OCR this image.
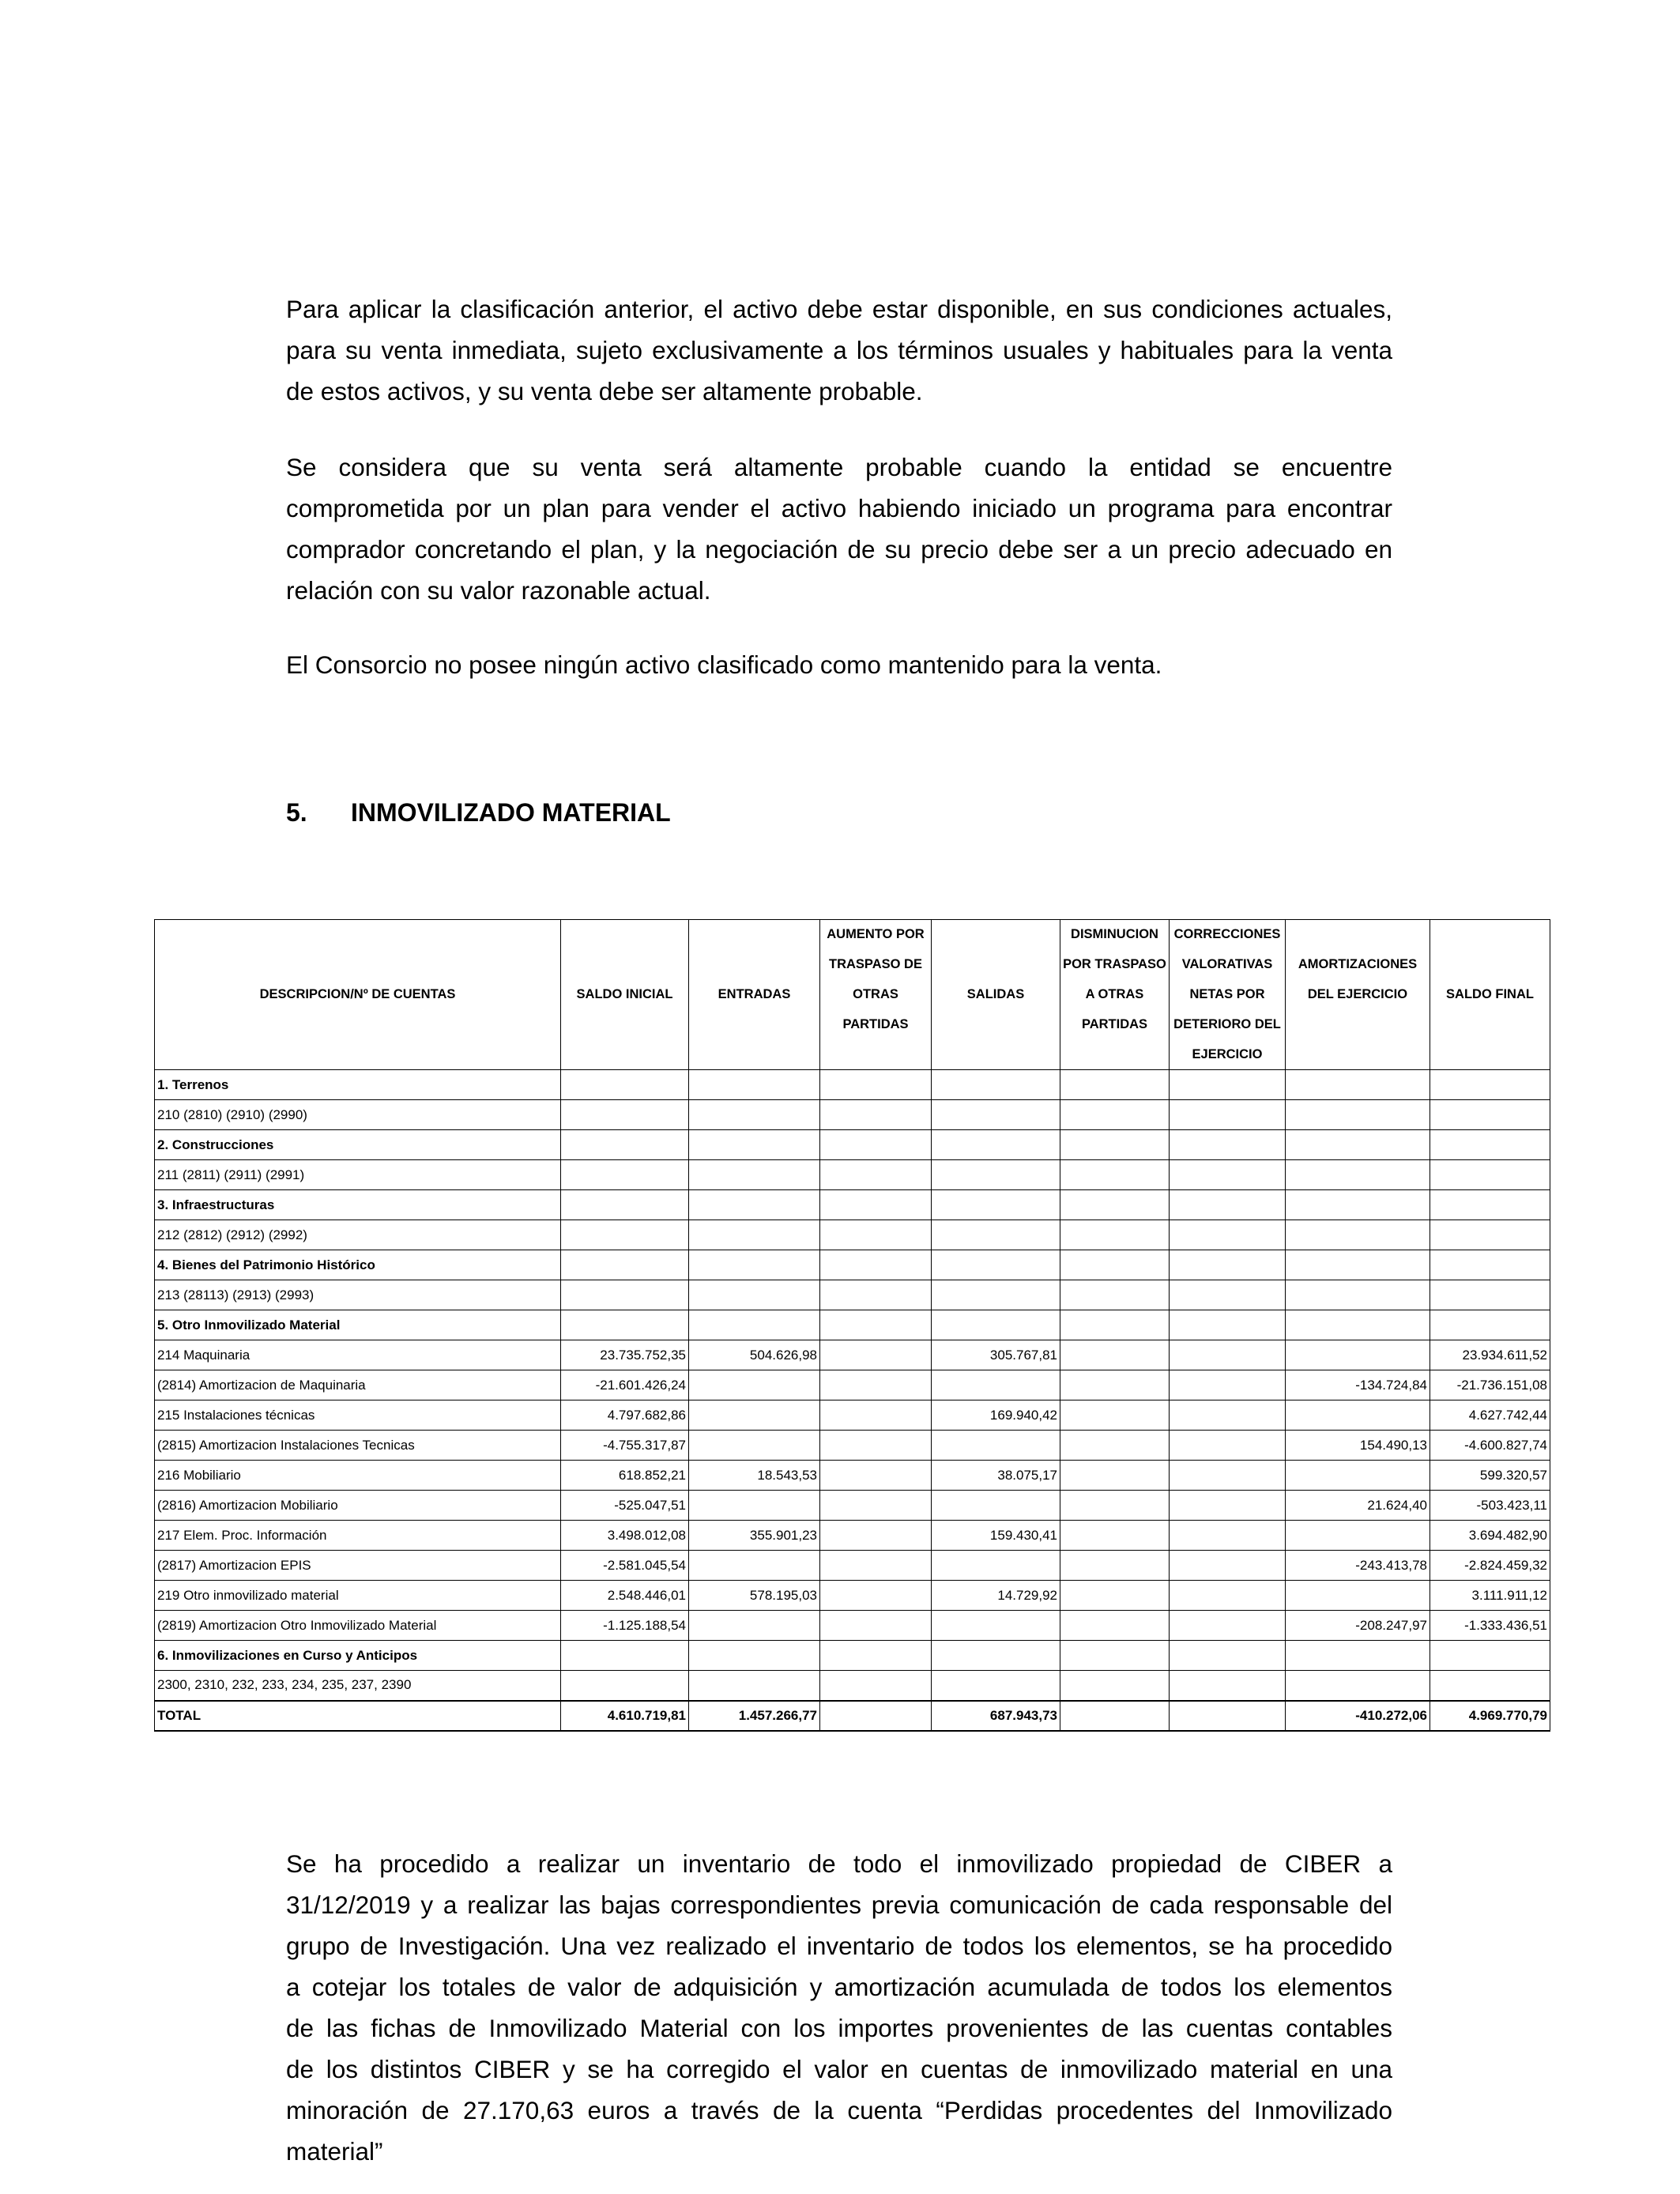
Para aplicar la clasificación anterior, el activo debe estar disponible, en sus condiciones actuales,
para su venta inmediata, sujeto exclusivamente a los términos usuales y habituales para la venta
de estos activos, y su venta debe ser altamente probable.

Se considera que su venta será altamente probable cuando la entidad se encuentre
comprometida por un plan para vender el activo habiendo iniciado un programa para encontrar
comprador concretando el plan, y la negociación de su precio debe ser a un precio adecuado en
relación con su valor razonable actual.

El Consorcio no posee ningún activo clasificado como mantenido para la venta.

5. INMOVILIZADO MATERIAL
			AUMENTO POR		DISMINUCION	CORRECCIONES		
			TRASPASO DE		POR TRASPASO	VALORATIVAS	AMORTIZACIONES	
DESCRIPCION/Nº DE CUENTAS	SALDO INICIAL	ENTRADAS	OTRAS	SALIDAS	A OTRAS	NETAS POR	DEL EJERCICIO	SALDO FINAL
			PARTIDAS		PARTIDAS	DETERIORO DEL		
						EJERCICIO		
1. Terrenos								
210 (2810) (2910) (2990)								
2. Construcciones								
211 (2811) (2911) (2991)								
3. Infraestructuras								
212 (2812) (2912) (2992)								
4. Bienes del Patrimonio Histórico								
213 (28113) (2913) (2993)								
5. Otro Inmovilizado Material								
214 Maquinaria	23.735.752,35	504.626,98		305.767,81				23.934.611,52
(2814) Amortizacion de Maquinaria	-21.601.426,24						-134.724,84	-21.736.151,08
215 Instalaciones técnicas	4.797.682,86			169.940,42				4.627.742,44
(2815) Amortizacion Instalaciones Tecnicas	-4.755.317,87						154.490,13	-4.600.827,74
216 Mobiliario	618.852,21	18.543,53		38.075,17				599.320,57
(2816) Amortizacion Mobiliario	-525.047,51						21.624,40	-503.423,11
217 Elem. Proc. Información	3.498.012,08	355.901,23		159.430,41				3.694.482,90
(2817) Amortizacion EPIS	-2.581.045,54						-243.413,78	-2.824.459,32
219 Otro inmovilizado material	2.548.446,01	578.195,03		14.729,92				3.111.911,12
(2819) Amortizacion Otro Inmovilizado Material	-1.125.188,54						-208.247,97	-1.333.436,51
6. Inmovilizaciones en Curso y Anticipos								
2300, 2310, 232, 233, 234, 235, 237, 2390								
TOTAL	4.610.719,81	1.457.266,77		687.943,73			-410.272,06	4.969.770,79

Se ha procedido a realizar un inventario de todo el inmovilizado propiedad de CIBER a
31/12/2019 y a realizar las bajas correspondientes previa comunicación de cada responsable del
grupo de Investigación. Una vez realizado el inventario de todos los elementos, se ha procedido
a cotejar los totales de valor de adquisición y amortización acumulada de todos los elementos
de las fichas de Inmovilizado Material con los importes provenientes de las cuentas contables
de los distintos CIBER y se ha corregido el valor en cuentas de inmovilizado material en una
minoración de 27.170,63 euros a través de la cuenta “Perdidas procedentes del Inmovilizado
material”
